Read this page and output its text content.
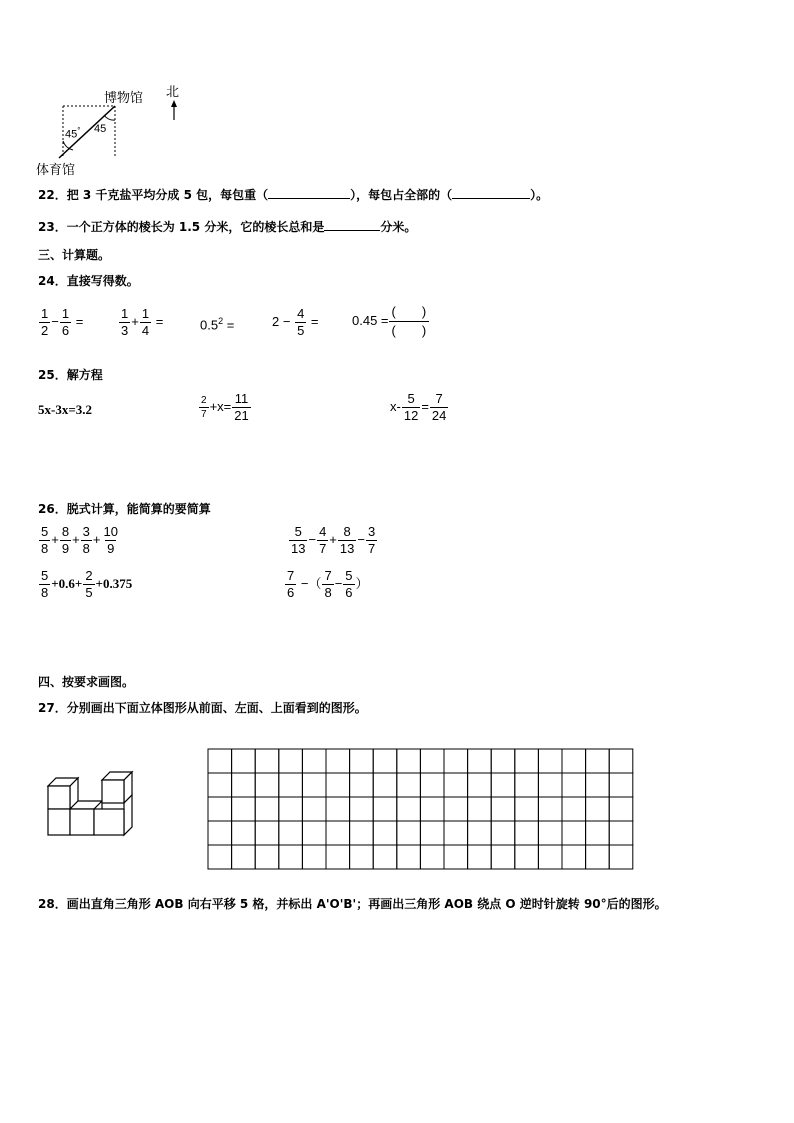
博物馆
体育馆
北
45° 45
22．把 3 千克盐平均分成 5 包，每包重（	），每包占全部的（	）。
23．一个正方体的棱长为 1.5 分米，它的棱长总和是	分米。
三、计算题。
24．直接写得数。
$\frac{1}{2} - \frac{1}{6}$ =	$\frac{1}{3} + \frac{1}{4}$ =	$0.5^2$ =	$2 - \frac{4}{5}$ =	$0.45 = \frac{( )}{( )}$
25．解方程
5x-3x=3.2	$\frac{2}{7} +x= \frac{11}{21}$	$x- \frac{5}{12} = \frac{7}{24}$
26．脱式计算，能简算的要简算
$\frac{5}{8} + \frac{8}{9} + \frac{3}{8} + \frac{10}{9}$	$\frac{5}{13} - \frac{4}{7} + \frac{8}{13} - \frac{3}{7}$
$\frac{5}{8} +0.6+ \frac{2}{5} +0.375$	$\frac{7}{6}$ −（ $\frac{7}{8} - \frac{5}{6}$ ）
四、按要求画图。
27．分别画出下面立体图形从前面、左面、上面看到的图形。
28．画出直角三角形 AOB 向右平移 5 格，并标出 A'O'B'；再画出三角形 AOB 绕点 O 逆时针旋转 90°后的图形。
